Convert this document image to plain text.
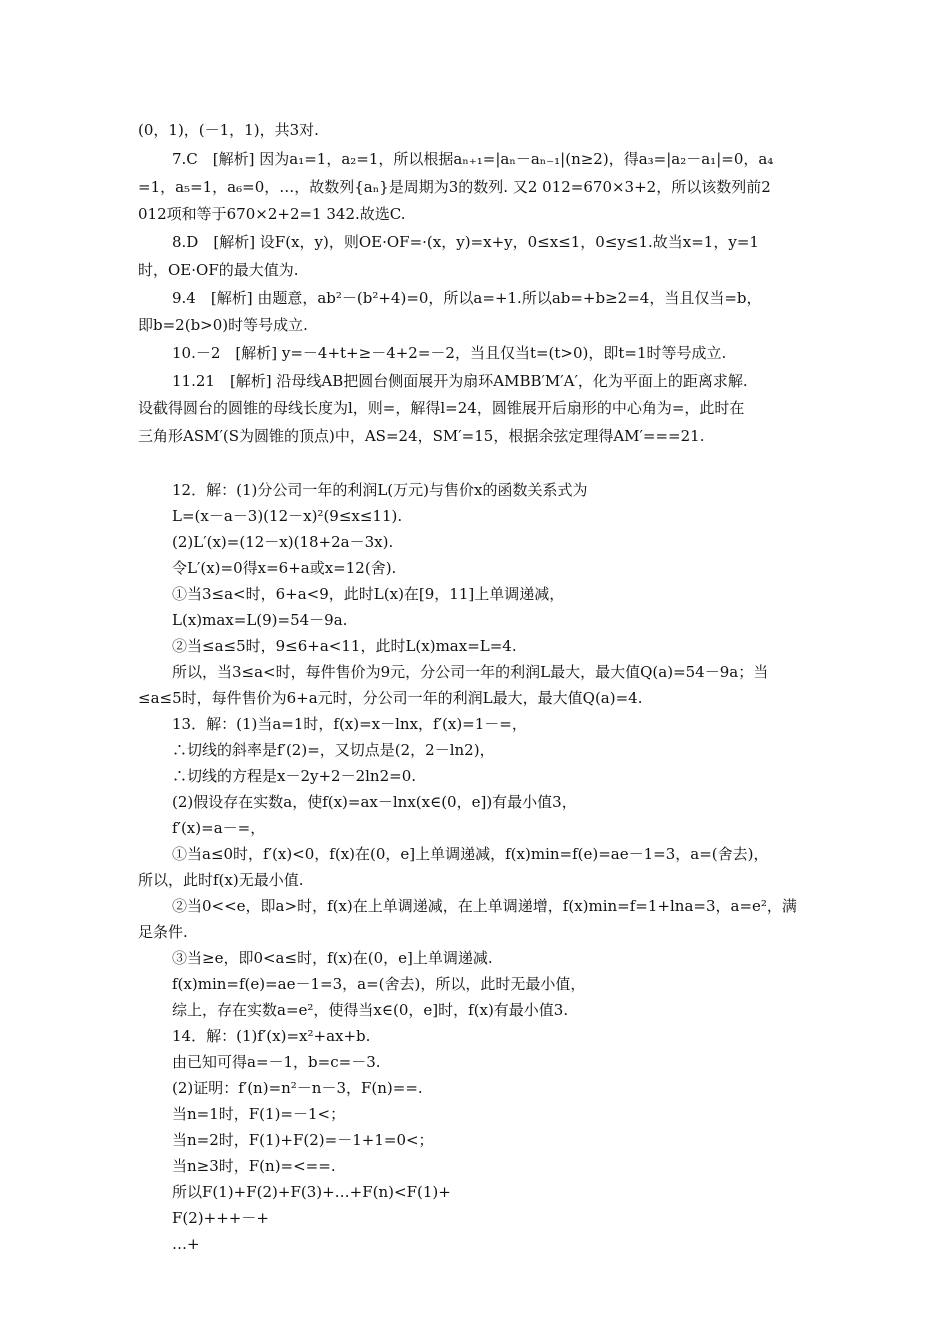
(0，1)，(－1，1)，共3对.
7.C　[解析] 因为a₁=1，a₂=1，所以根据aₙ₊₁=|aₙ－aₙ₋₁|(n≥2)，得a₃=|a₂－a₁|=0，a₄
=1，a₅=1，a₆=0，…，故数列{aₙ}是周期为3的数列. 又2 012=670×3+2，所以该数列前2
012项和等于670×2+2=1 342.故选C.
8.D　[解析] 设F(x，y)，则OE·OF=·(x，y)=x+y，0≤x≤1，0≤y≤1.故当x=1，y=1
时，OE·OF的最大值为.
9.4　[解析] 由题意，ab²－(b²+4)=0，所以a=+1.所以ab=+b≥2=4，当且仅当=b，
即b=2(b>0)时等号成立.
10.－2　[解析] y=－4+t+≥－4+2=－2，当且仅当t=(t>0)，即t=1时等号成立.
11.21　[解析] 沿母线AB把圆台侧面展开为扇环AMBB′M′A′，化为平面上的距离求解.
设截得圆台的圆锥的母线长度为l，则=，解得l=24，圆锥展开后扇形的中心角为=，此时在
三角形ASM′(S为圆锥的顶点)中，AS=24，SM′=15，根据余弦定理得AM′===21.
12．解：(1)分公司一年的利润L(万元)与售价x的函数关系式为
L=(x－a－3)(12－x)²(9≤x≤11).
(2)L′(x)=(12－x)(18+2a－3x).
令L′(x)=0得x=6+a或x=12(舍).
①当3≤a<时，6+a<9，此时L(x)在[9，11]上单调递减，
L(x)max=L(9)=54－9a.
②当≤a≤5时，9≤6+a<11，此时L(x)max=L=4.
所以，当3≤a<时，每件售价为9元，分公司一年的利润L最大，最大值Q(a)=54－9a；当
≤a≤5时，每件售价为6+a元时，分公司一年的利润L最大，最大值Q(a)=4.
13．解：(1)当a=1时，f(x)=x－lnx，f′(x)=1－=，
∴切线的斜率是f′(2)=，又切点是(2，2－ln2)，
∴切线的方程是x－2y+2－2ln2=0.
(2)假设存在实数a，使f(x)=ax－lnx(x∈(0，e])有最小值3，
f′(x)=a－=，
①当a≤0时，f′(x)<0，f(x)在(0，e]上单调递减，f(x)min=f(e)=ae－1=3，a=(舍去)，
所以，此时f(x)无最小值.
②当0<<e，即a>时，f(x)在上单调递减，在上单调递增，f(x)min=f=1+lna=3，a=e²，满
足条件.
③当≥e，即0<a≤时，f(x)在(0，e]上单调递减.
f(x)min=f(e)=ae－1=3，a=(舍去)，所以，此时无最小值，
综上，存在实数a=e²，使得当x∈(0，e]时，f(x)有最小值3.
14．解：(1)f′(x)=x²+ax+b.
由已知可得a=－1，b=c=－3.
(2)证明：f′(n)=n²－n－3，F(n)==.
当n=1时，F(1)=－1<；
当n=2时，F(1)+F(2)=－1+1=0<；
当n≥3时，F(n)=<==.
所以F(1)+F(2)+F(3)+…+F(n)<F(1)+
F(2)+++－+
…+
